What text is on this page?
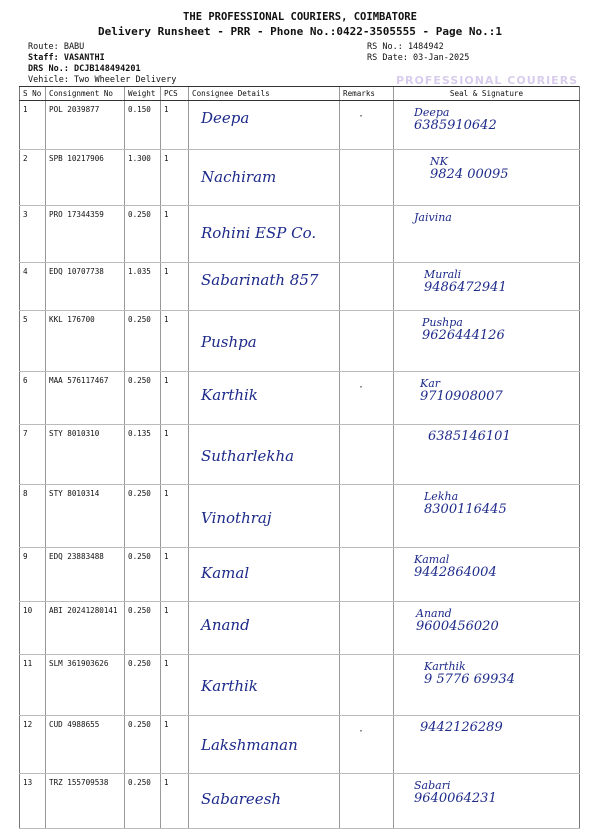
THE PROFESSIONAL COURIERS, COIMBATORE
Delivery Runsheet - PRR - Phone No.:0422-3505555 - Page No.:1
Route: BABU
Staff: VASANTHI
DRS No.: DCJB148494201
Vehicle: Two Wheeler Delivery
RS No.: 1484942
RS Date: 03-Jan-2025
PROFESSIONAL COURIERS
S No	Consignment No	Weight	PCS	Consignee Details	Remarks	Seal & Signature
1	POL 2039877	0.150	1	Deepa	·	Deepa
6385910642

2	SPB 10217906	1.300	1	Nachiram		NK
9824 00095

3	PRO 17344359	0.250	1	Rohini ESP Co.		Jaivina

4	EDQ 10707738	1.035	1	Sabarinath 857		Murali
9486472941

5	KKL 176700	0.250	1	Pushpa		Pushpa
9626444126

6	MAA 576117467	0.250	1	Karthik	·	Kar
9710908007

7	STY 8010310	0.135	1	Sutharlekha		6385146101

8	STY 8010314	0.250	1	Vinothraj		Lekha
8300116445

9	EDQ 23883488	0.250	1	Kamal		Kamal
9442864004

10	ABI 20241280141	0.250	1	Anand		Anand
9600456020

11	SLM 361903626	0.250	1	Karthik		Karthik
9 5776 69934

12	CUD 4988655	0.250	1	Lakshmanan	·	9442126289

13	TRZ 155709538	0.250	1	Sabareesh		Sabari
9640064231
